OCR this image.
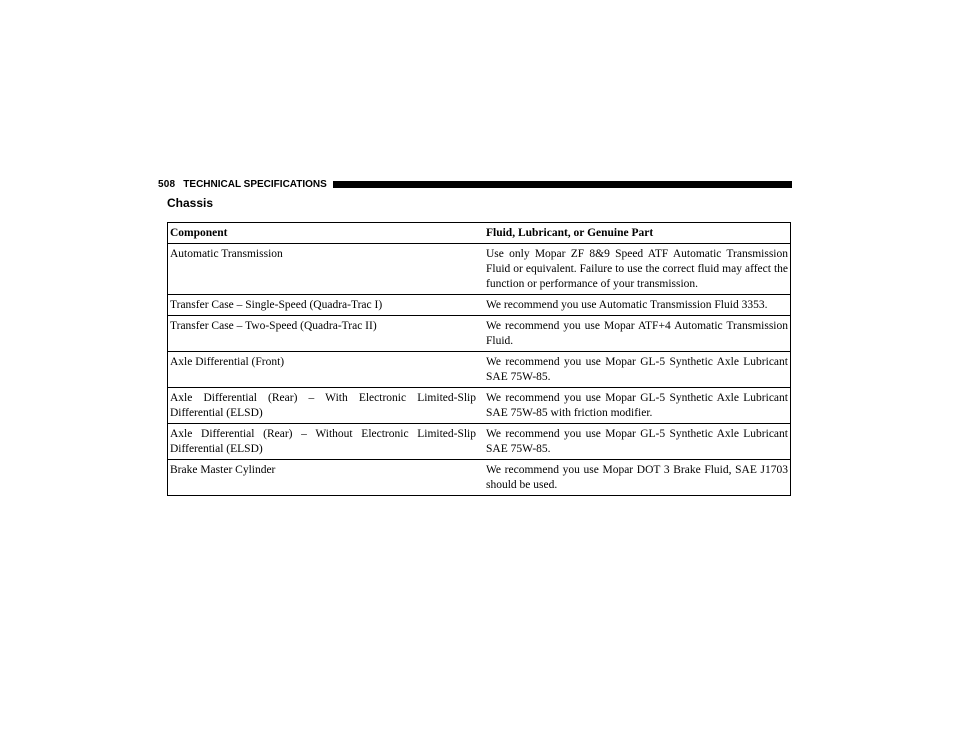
508 TECHNICAL SPECIFICATIONS
Chassis
Component	Fluid, Lubricant, or Genuine Part
Automatic Transmission	Use only Mopar ZF 8&9 Speed ATF Automatic Transmission Fluid or equivalent. Failure to use the correct fluid may affect the function or performance of your transmission.
Transfer Case – Single-Speed (Quadra-Trac I)	We recommend you use Automatic Transmission Fluid 3353.
Transfer Case – Two-Speed (Quadra-Trac II)	We recommend you use Mopar ATF+4 Automatic Transmission Fluid.
Axle Differential (Front)	We recommend you use Mopar GL-5 Synthetic Axle Lubricant SAE 75W-85.
Axle Differential (Rear) – With Electronic Limited-Slip Differential (ELSD)	We recommend you use Mopar GL-5 Synthetic Axle Lubricant SAE 75W-85 with friction modifier.
Axle Differential (Rear) – Without Electronic Limited-Slip Differential (ELSD)	We recommend you use Mopar GL-5 Synthetic Axle Lubricant SAE 75W-85.
Brake Master Cylinder	We recommend you use Mopar DOT 3 Brake Fluid, SAE J1703 should be used.
